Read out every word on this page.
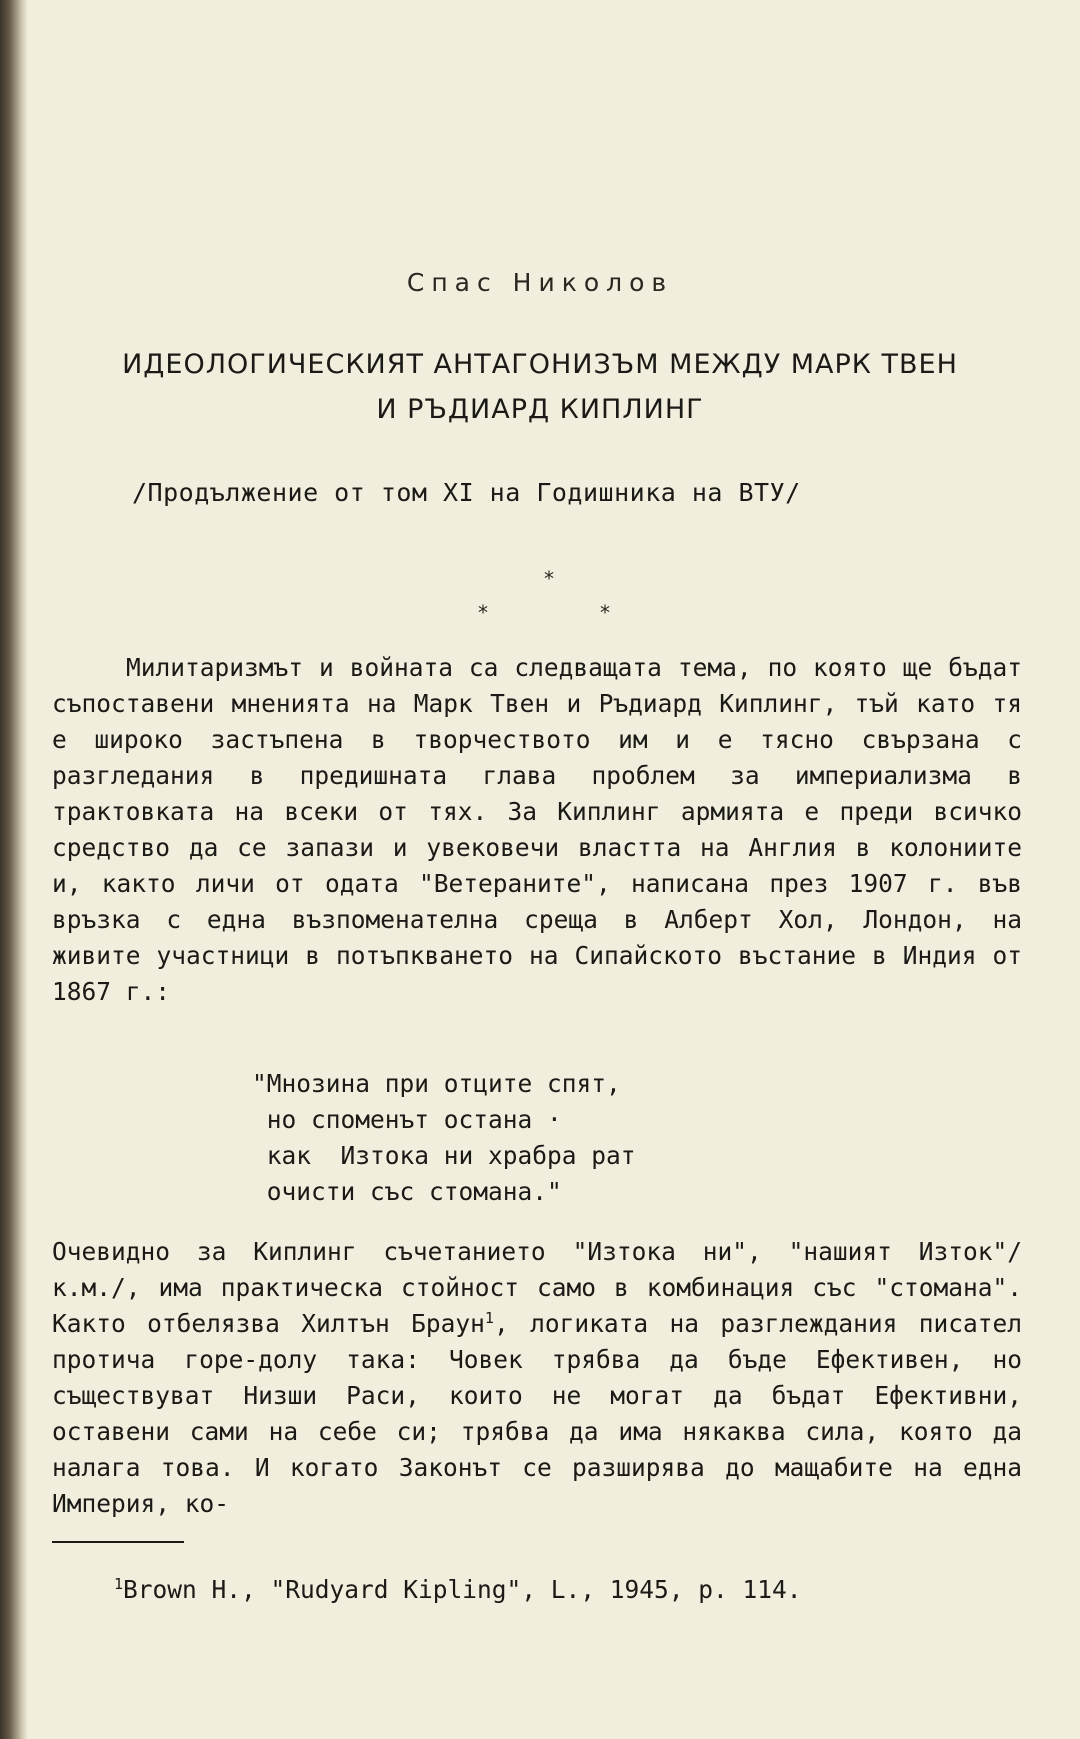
Спас Николов
ИДЕОЛОГИЧЕСКИЯТ АНТАГОНИЗЪМ МЕЖДУ МАРК ТВЕН
И РЪДИАРД КИПЛИНГ
/Продължение от том XI на Годишника на ВТУ/
⁎
⁎	⁎
Милитаризмът и войната са следващата тема, по която ще бъдат съпоставени мненията на Марк Твен и Ръдиард Киплинг, тъй като тя е широко застъпена в творчеството им и е тясно свързана с разгледания в предишната глава проблем за империализма в трактовката на всеки от тях. За Киплинг армията е преди всичко средство да се запази и увековечи властта на Англия в колониите и, както личи от одата "Ветераните", написана през 1907 г. във връзка с една възпоменателна среща в Алберт Хол, Лондон, на живите участници в потъпкването на Сипайското въстание в Индия от 1867 г.:
"Мнозина при отците спят,
но споменът остана ·
как  Изтока ни храбра рат
очисти със стомана."
Очевидно за Киплинг съчетанието "Изтока ни", "нашият Изток"/к.м./, има практическа стойност само в комбинация със "стомана". Както отбелязва Хилтън Браун$^1$, логиката на разглеждания писател протича горе-долу така: Човек трябва да бъде Ефективен, но съществуват Низши Раси, които не могат да бъдат Ефективни, оставени сами на себе си; трябва да има някаква сила, която да налага това. И когато Законът се разширява до мащабите на една Империя, ко-
$^1$Brown H., "Rudyard Kipling", L., 1945, p. 114.
